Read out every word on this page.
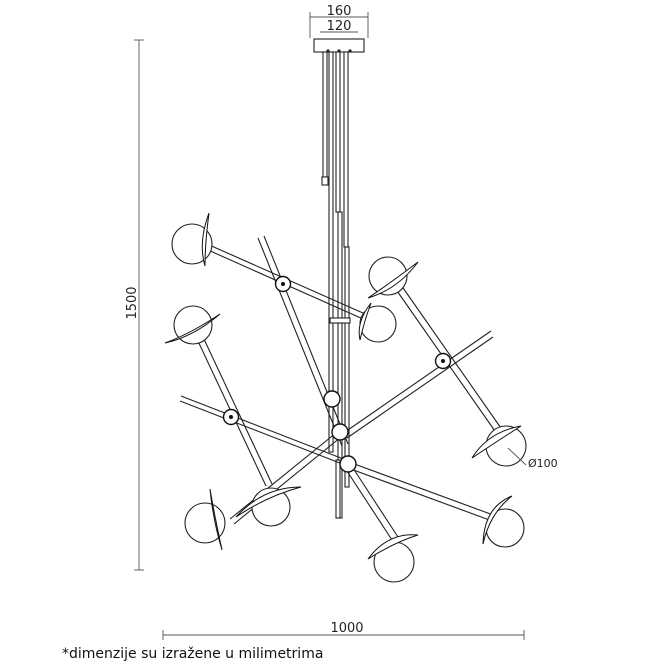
160
120
1500
1000
Ø100
*dimenzije su izražene u milimetrima
